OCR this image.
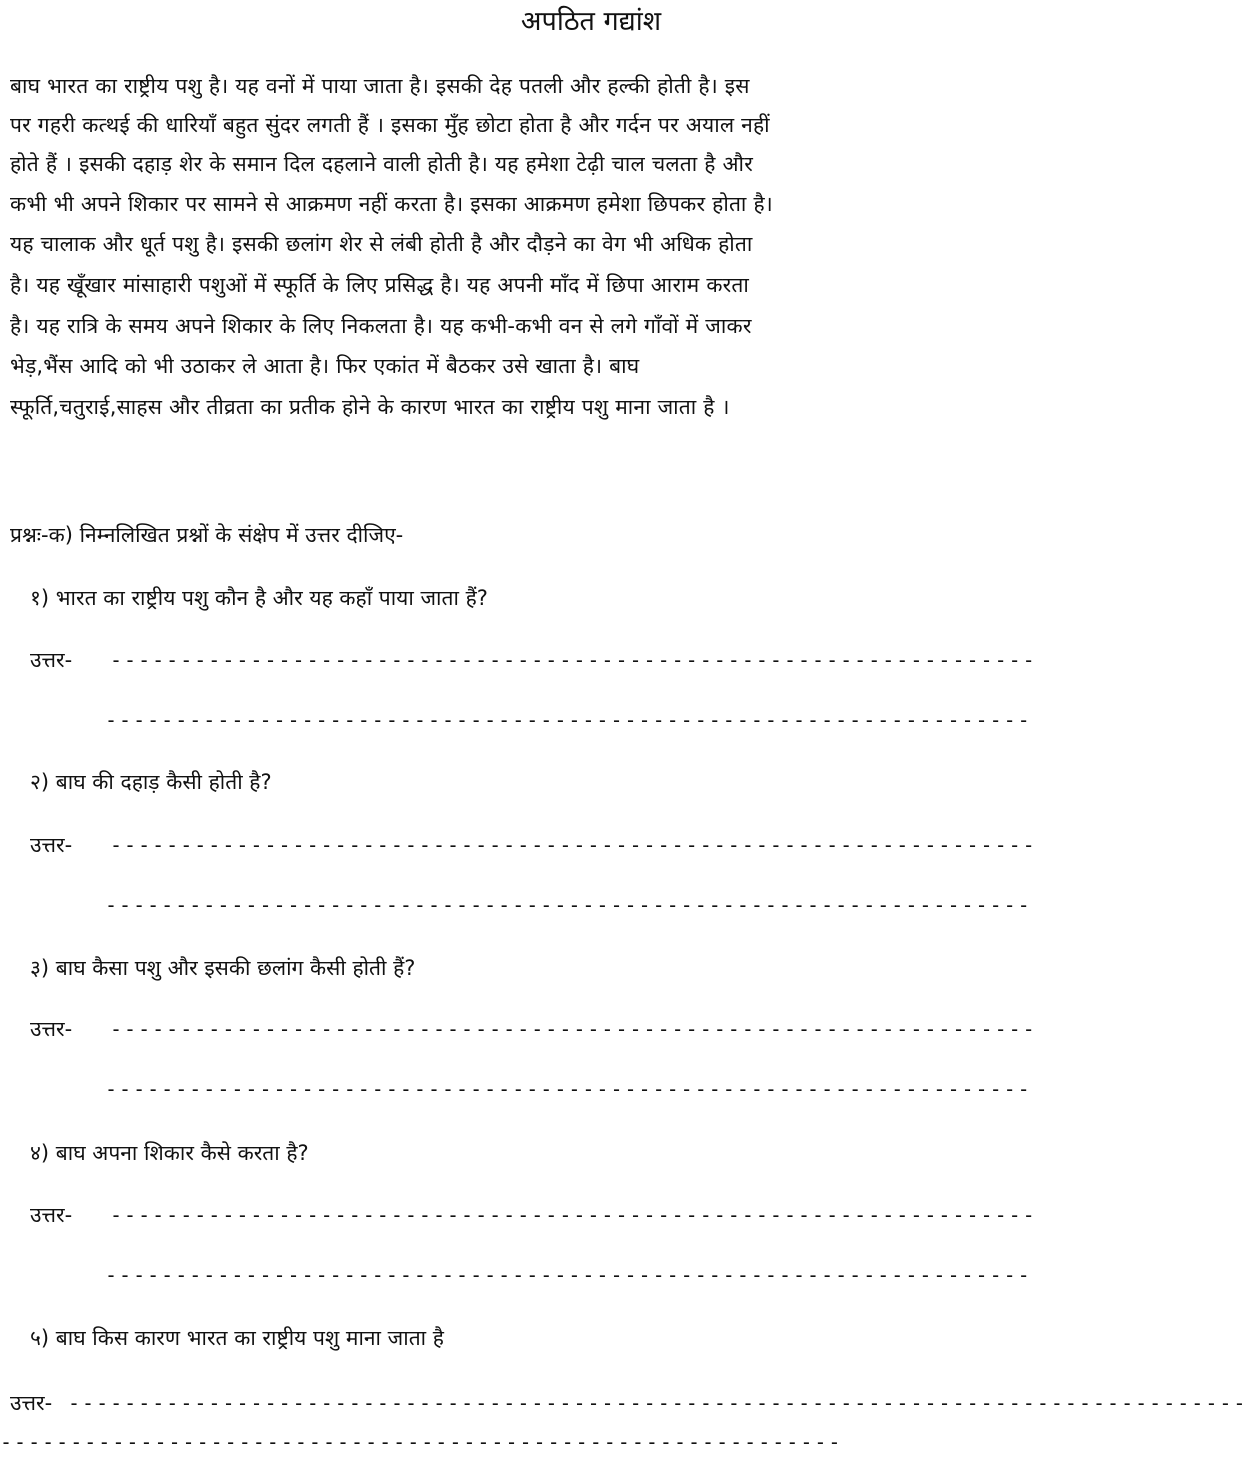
अपठित गद्यांश
बाघ भारत का राष्ट्रीय पशु है। यह वनों में पाया जाता है। इसकी देह पतली और हल्की होती है। इस
पर गहरी कत्थई की धारियाँ बहुत सुंदर लगती हैं । इसका मुँह छोटा होता है और गर्दन पर अयाल नहीं
होते हैं । इसकी दहाड़ शेर के समान दिल दहलाने वाली होती है। यह हमेशा टेढ़ी चाल चलता है और
कभी भी अपने शिकार पर सामने से आक्रमण नहीं करता है। इसका आक्रमण हमेशा छिपकर होता है।
यह चालाक और धूर्त पशु है। इसकी छलांग शेर से लंबी होती है और दौड़ने का वेग भी अधिक होता
है। यह खूँखार मांसाहारी पशुओं में स्फूर्ति के लिए प्रसिद्ध है। यह अपनी माँद में छिपा आराम करता
है। यह रात्रि के समय अपने शिकार के लिए निकलता है। यह कभी-कभी वन से लगे गाँवों में जाकर
भेड़,भैंस आदि को भी उठाकर ले आता है। फिर एकांत में बैठकर उसे खाता है। बाघ
स्फूर्ति,चतुराई,साहस और तीव्रता का प्रतीक होने के कारण भारत का राष्ट्रीय पशु माना जाता है ।
प्रश्नः-क) निम्नलिखित प्रश्नों के संक्षेप में उत्तर दीजिए-
१) भारत का राष्ट्रीय पशु कौन है और यह कहाँ पाया जाता हैं?
उत्तर- ------------------------------------------------------------------
------------------------------------------------------------------
२) बाघ की दहाड़ कैसी होती है?
उत्तर- ------------------------------------------------------------------
------------------------------------------------------------------
३) बाघ कैसा पशु और इसकी छलांग कैसी होती हैं?
उत्तर- ------------------------------------------------------------------
------------------------------------------------------------------
४) बाघ अपना शिकार कैसे करता है?
उत्तर- ------------------------------------------------------------------
------------------------------------------------------------------
५) बाघ किस कारण भारत का राष्ट्रीय पशु माना जाता है
उत्तर- ------------------------------------------------------------------------------------
------------------------------------------------------------
